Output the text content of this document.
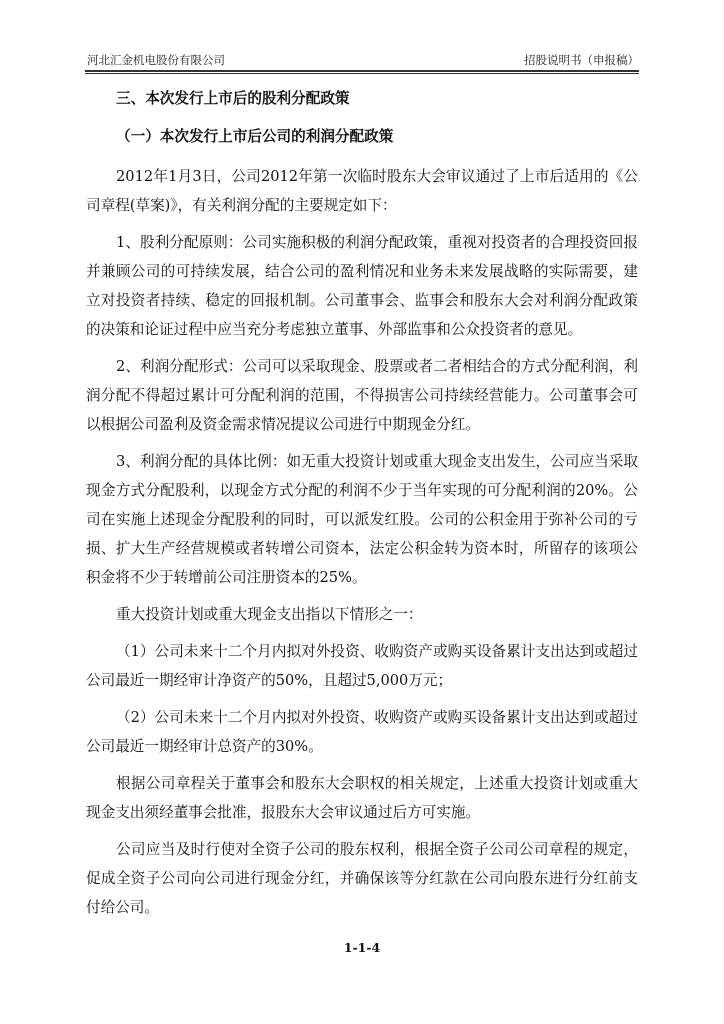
河北汇金机电股份有限公司	招股说明书（申报稿）
三、本次发行上市后的股利分配政策
（一）本次发行上市后公司的利润分配政策

2012年1月3日，公司2012年第一次临时股东大会审议通过了上市后适用的《公司章程(草案)》，有关利润分配的主要规定如下：

1、股利分配原则：公司实施积极的利润分配政策，重视对投资者的合理投资回报并兼顾公司的可持续发展，结合公司的盈利情况和业务未来发展战略的实际需要，建立对投资者持续、稳定的回报机制。公司董事会、监事会和股东大会对利润分配政策的决策和论证过程中应当充分考虑独立董事、外部监事和公众投资者的意见。

2、利润分配形式：公司可以采取现金、股票或者二者相结合的方式分配利润，利润分配不得超过累计可分配利润的范围，不得损害公司持续经营能力。公司董事会可以根据公司盈利及资金需求情况提议公司进行中期现金分红。

3、利润分配的具体比例：如无重大投资计划或重大现金支出发生，公司应当采取现金方式分配股利，以现金方式分配的利润不少于当年实现的可分配利润的20%。公司在实施上述现金分配股利的同时，可以派发红股。公司的公积金用于弥补公司的亏损、扩大生产经营规模或者转增公司资本，法定公积金转为资本时，所留存的该项公积金将不少于转增前公司注册资本的25%。

重大投资计划或重大现金支出指以下情形之一：

（1）公司未来十二个月内拟对外投资、收购资产或购买设备累计支出达到或超过公司最近一期经审计净资产的50%，且超过5,000万元；

（2）公司未来十二个月内拟对外投资、收购资产或购买设备累计支出达到或超过公司最近一期经审计总资产的30%。

根据公司章程关于董事会和股东大会职权的相关规定，上述重大投资计划或重大现金支出须经董事会批准，报股东大会审议通过后方可实施。

公司应当及时行使对全资子公司的股东权利，根据全资子公司公司章程的规定，促成全资子公司向公司进行现金分红，并确保该等分红款在公司向股东进行分红前支付给公司。

1-1-4
